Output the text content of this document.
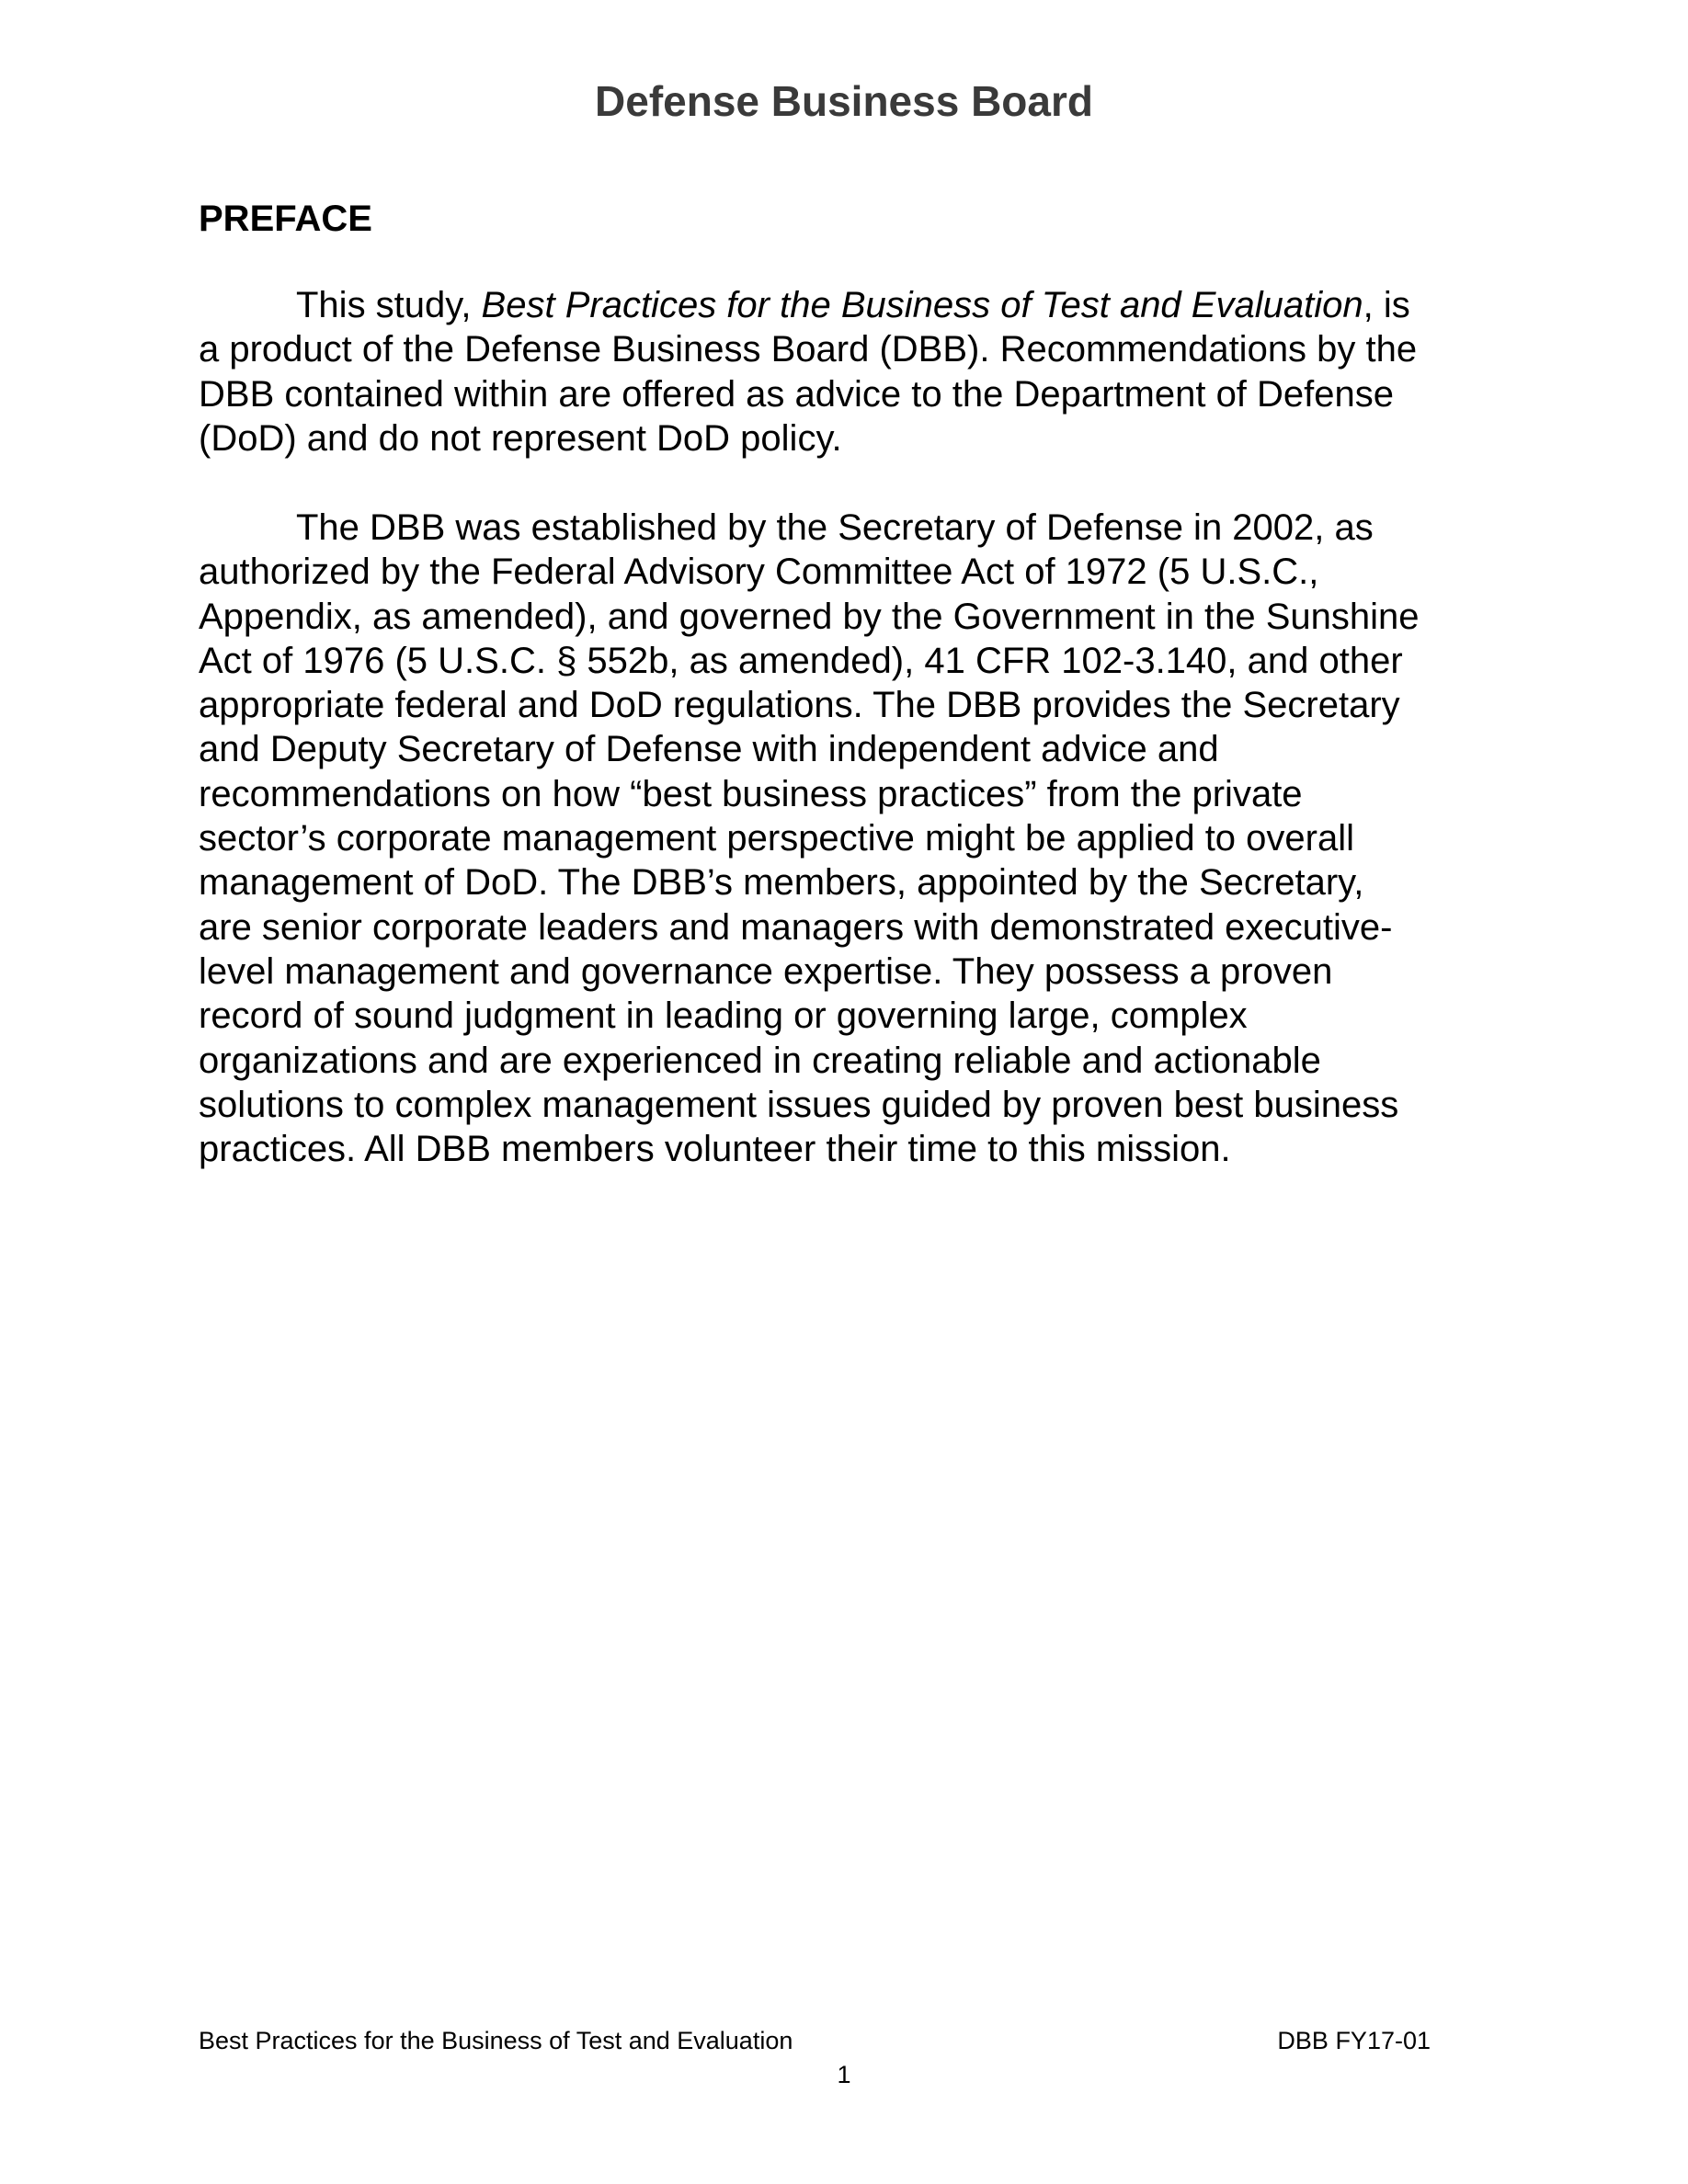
Defense Business Board
PREFACE
This study, Best Practices for the Business of Test and Evaluation, is
a product of the Defense Business Board (DBB). Recommendations by the
DBB contained within are offered as advice to the Department of Defense
(DoD) and do not represent DoD policy.
The DBB was established by the Secretary of Defense in 2002, as
authorized by the Federal Advisory Committee Act of 1972 (5 U.S.C.,
Appendix, as amended), and governed by the Government in the Sunshine
Act of 1976 (5 U.S.C. § 552b, as amended), 41 CFR 102-3.140, and other
appropriate federal and DoD regulations. The DBB provides the Secretary
and Deputy Secretary of Defense with independent advice and
recommendations on how “best business practices” from the private
sector’s corporate management perspective might be applied to overall
management of DoD. The DBB’s members, appointed by the Secretary,
are senior corporate leaders and managers with demonstrated executive-
level management and governance expertise. They possess a proven
record of sound judgment in leading or governing large, complex
organizations and are experienced in creating reliable and actionable
solutions to complex management issues guided by proven best business
practices. All DBB members volunteer their time to this mission.
Best Practices for the Business of Test and Evaluation	DBB FY17-01
1
